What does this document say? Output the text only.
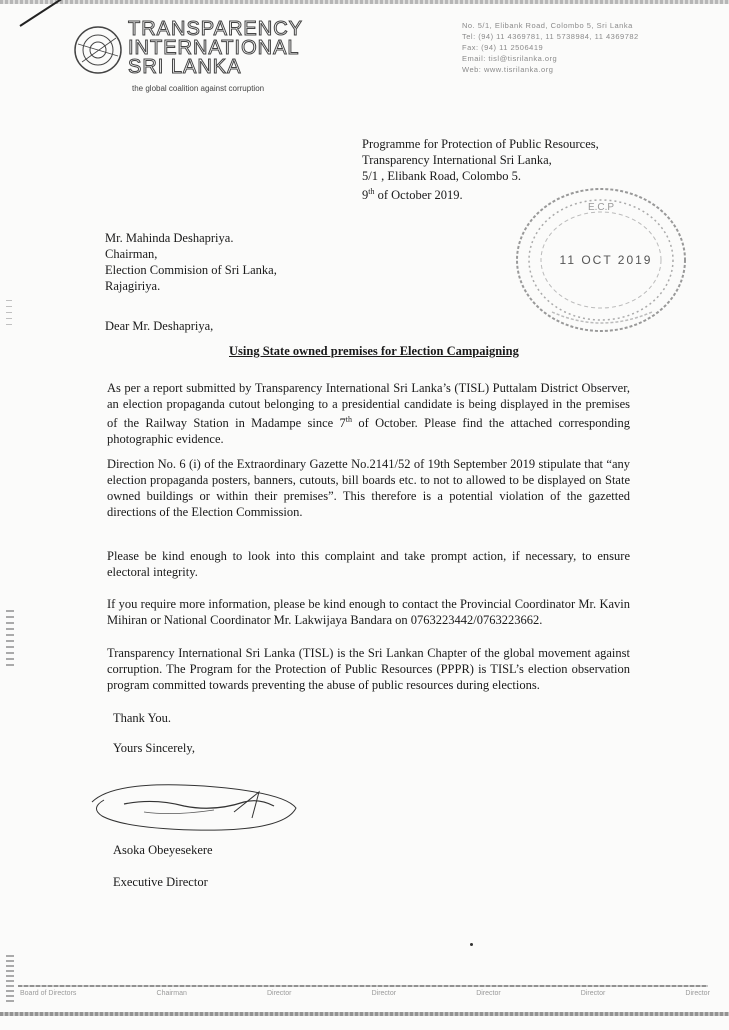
TRANSPARENCY
INTERNATIONAL
SRI LANKA
the global coalition against corruption
No. 5/1, Elibank Road, Colombo 5, Sri Lanka
Tel: (94) 11 4369781, 11 5738984, 11 4369782
Fax: (94) 11 2506419
Email: tisl@tisrilanka.org
Web: www.tisrilanka.org
Programme for Protection of Public Resources,
Transparency International Sri Lanka,
5/1 , Elibank Road, Colombo 5.
9th of October 2019.
E.C.P
11 OCT 2019
Mr. Mahinda Deshapriya.
Chairman,
Election Commision of Sri Lanka,
Rajagiriya.
Dear Mr. Deshapriya,
Using State owned premises for Election Campaigning
As per a report submitted by Transparency International Sri Lanka’s (TISL) Puttalam District Observer, an election propaganda cutout belonging to a presidential candidate is being displayed in the premises of the Railway Station in Madampe since 7th of October. Please find the attached corresponding photographic evidence.
Direction No. 6 (i) of the Extraordinary Gazette No.2141/52 of 19th September 2019 stipulate that “any election propaganda posters, banners, cutouts, bill boards etc. to not to allowed to be displayed on State owned buildings or within their premises”. This therefore is a potential violation of the gazetted directions of the Election Commission.
Please be kind enough to look into this complaint and take prompt action, if necessary, to ensure electoral integrity.
If you require more information, please be kind enough to contact the Provincial Coordinator Mr. Kavin Mihiran or National Coordinator Mr. Lakwijaya Bandara on 0763223442/0763223662.
Transparency International Sri Lanka (TISL) is the Sri Lankan Chapter of the global movement against corruption. The Program for the Protection of Public Resources (PPPR) is TISL’s election observation program committed towards preventing the abuse of public resources during elections.
Thank You.
Yours Sincerely,
Asoka Obeyesekere
Executive Director
Board of Directors	Chairman	Director	Director	Director	Director	Director
